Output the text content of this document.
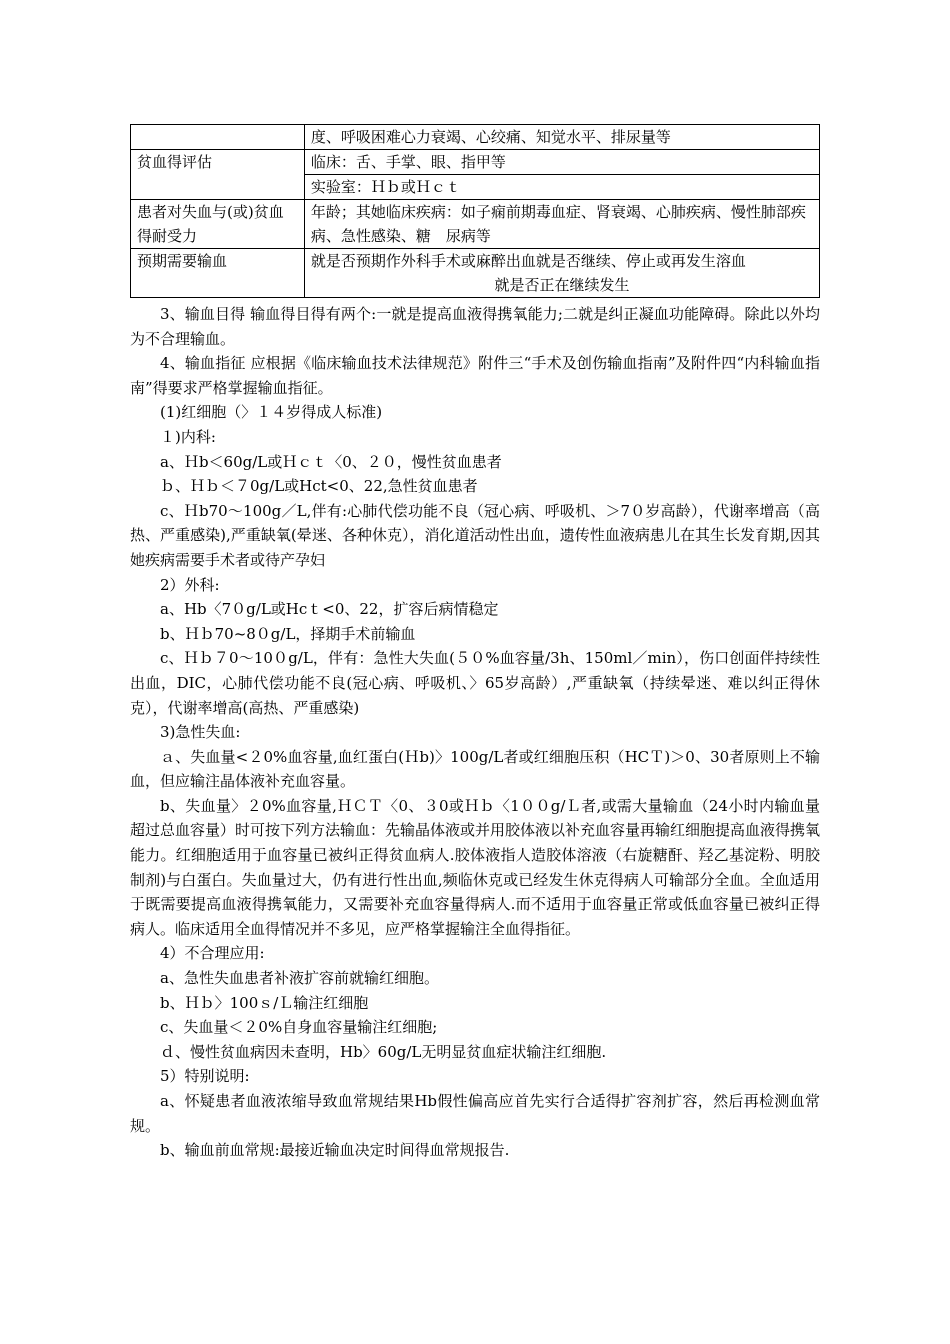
	度、呼吸困难心力衰竭、心绞痛、知觉水平、排尿量等
贫血得评估	临床：舌、手掌、眼、指甲等
	实验室：Ｈｂ或Ｈｃｔ
患者对失血与(或)贫血得耐受力	年龄；其她临床疾病：如子痫前期毒血症、肾衰竭、心肺疾病、慢性肺部疾病、急性感染、糖　尿病等
预期需要输血	就是否预期作外科手术或麻醉出血就是否继续、停止或再发生溶血
就是否正在继续发生

3、输血目得 输血得目得有两个:一就是提高血液得携氧能力;二就是纠正凝血功能障碍。除此以外均为不合理输血。

4、输血指征 应根据《临床输血技术法律规范》附件三“手术及创伤输血指南”及附件四“内科输血指南”得要求严格掌握输血指征。

(1)红细胞（〉１４岁得成人标准)

１)内科:

a、Ｈb＜60g/L或Ｈｃｔ〈0、２０，慢性贫血患者

ｂ、Ｈｂ＜７0g/L或Hct<0、22,急性贫血患者

c、Ｈb70～100g／L,伴有:心肺代偿功能不良（冠心病、呼吸机、＞7０岁高龄），代谢率增高（高热、严重感染),严重缺氧(晕迷、各种休克），消化道活动性出血，遗传性血液病患儿在其生长发育期,因其她疾病需要手术者或待产孕妇

2）外科:

a、Hb〈7０g/L或Hcｔ<0、22，扩容后病情稳定

b、Ｈｂ70~8０g/L，择期手术前输血

c、Ｈｂ７0～10０g/L，伴有：急性大失血(５０%血容量/3h、150ml／min），伤口创面伴持续性出血，DIC，心肺代偿功能不良(冠心病、呼吸机、〉65岁高龄）,严重缺氧（持续晕迷、难以纠正得休克），代谢率增高(高热、严重感染)

3)急性失血:

ａ、失血量<２0%血容量,血红蛋白(Ｈb)〉100g/L者或红细胞压积（HCＴ)＞0、30者原则上不输血，但应输注晶体液补充血容量。

b、失血量〉２0%血容量,ＨＣＴ〈0、３0或Ｈｂ〈1００g/Ｌ者,或需大量输血（24小时内输血量超过总血容量）时可按下列方法输血：先输晶体液或并用胶体液以补充血容量再输红细胞提高血液得携氧能力。红细胞适用于血容量已被纠正得贫血病人.胶体液指人造胶体溶液（右旋糖酐、羟乙基淀粉、明胶制剂)与白蛋白。失血量过大，仍有进行性出血,频临休克或已经发生休克得病人可输部分全血。全血适用于既需要提高血液得携氧能力，又需要补充血容量得病人.而不适用于血容量正常或低血容量已被纠正得病人。临床适用全血得情况并不多见，应严格掌握输注全血得指征。

4）不合理应用:

a、急性失血患者补液扩容前就输红细胞。

b、Ｈｂ〉100ｓ/Ｌ输注红细胞

c、失血量＜２0%自身血容量输注红细胞;

ｄ、慢性贫血病因未查明，Hb〉60g/L无明显贫血症状输注红细胞.

5）特别说明:

a、怀疑患者血液浓缩导致血常规结果Hb假性偏高应首先实行合适得扩容剂扩容，然后再检测血常规。

b、输血前血常规:最接近输血决定时间得血常规报告.
